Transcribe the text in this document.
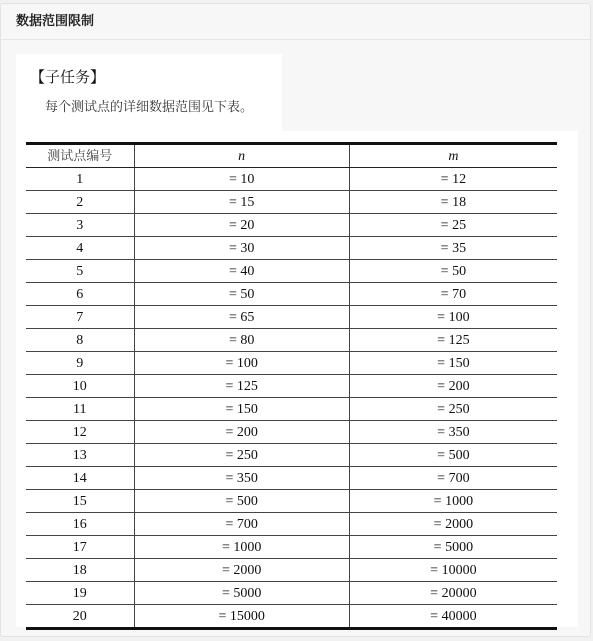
数据范围限制
【子任务】
每个测试点的详细数据范围见下表。
测试点编号	n	m
1	= 10	= 12
2	= 15	= 18
3	= 20	= 25
4	= 30	= 35
5	= 40	= 50
6	= 50	= 70
7	= 65	= 100
8	= 80	= 125
9	= 100	= 150
10	= 125	= 200
11	= 150	= 250
12	= 200	= 350
13	= 250	= 500
14	= 350	= 700
15	= 500	= 1000
16	= 700	= 2000
17	= 1000	= 5000
18	= 2000	= 10000
19	= 5000	= 20000
20	= 15000	= 40000
